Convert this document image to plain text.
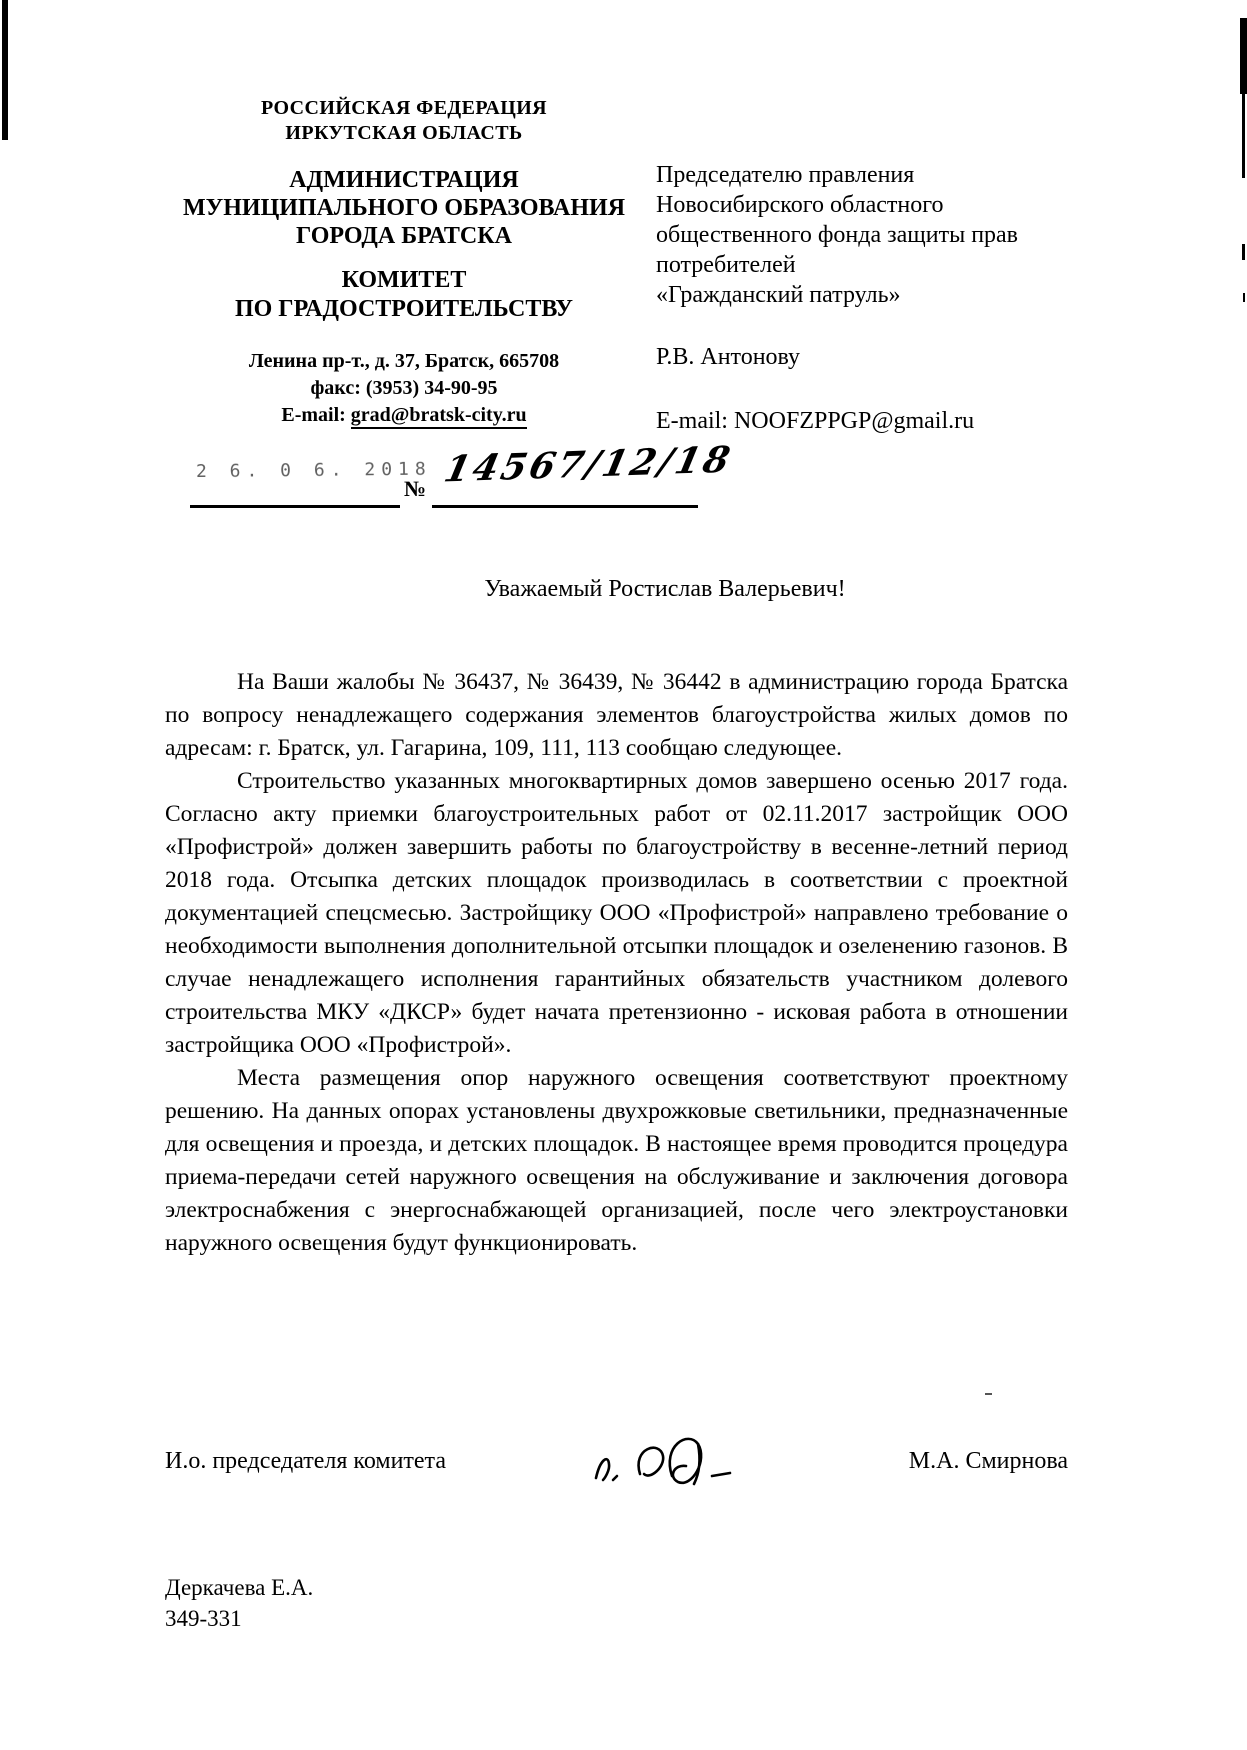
РОССИЙСКАЯ ФЕДЕРАЦИЯ
ИРКУТСКАЯ ОБЛАСТЬ
АДМИНИСТРАЦИЯ
МУНИЦИПАЛЬНОГО ОБРАЗОВАНИЯ
ГОРОДА БРАТСКА
КОМИТЕТ
ПО ГРАДОСТРОИТЕЛЬСТВУ
Ленина пр-т., д. 37, Братск, 665708
факс: (3953) 34-90-95
E-mail: grad@bratsk-city.ru
Председателю правления
Новосибирского областного
общественного фонда защиты прав
потребителей
«Гражданский патруль»
Р.В. Антонову
E-mail: NOOFZPPGP@gmail.ru
2 6. 0 6. 2018
№ 14567/12/18
Уважаемый Ростислав Валерьевич!

На Ваши жалобы № 36437, № 36439, № 36442 в администрацию города Братска по вопросу ненадлежащего содержания элементов благоустройства жилых домов по адресам: г. Братск, ул. Гагарина, 109, 111, 113 сообщаю следующее.

Строительство указанных многоквартирных домов завершено осенью 2017 года. Согласно акту приемки благоустроительных работ от 02.11.2017 застройщик ООО «Профистрой» должен завершить работы по благоустройству в весенне-летний период 2018 года. Отсыпка детских площадок производилась в соответствии с проектной документацией спецсмесью. Застройщику ООО «Профистрой» направлено требование о необходимости выполнения дополнительной отсыпки площадок и озеленению газонов. В случае ненадлежащего исполнения гарантийных обязательств участником долевого строительства МКУ «ДКСР» будет начата претензионно - исковая работа в отношении застройщика ООО «Профистрой».

Места размещения опор наружного освещения соответствуют проектному решению. На данных опорах установлены двухрожковые светильники, предназначенные для освещения и проезда, и детских площадок. В настоящее время проводится процедура приема-передачи сетей наружного освещения на обслуживание и заключения договора электроснабжения с энергоснабжающей организацией, после чего электроустановки наружного освещения будут функционировать.

И.о. председателя комитета	М.А. Смирнова
Деркачева Е.А.
349-331
